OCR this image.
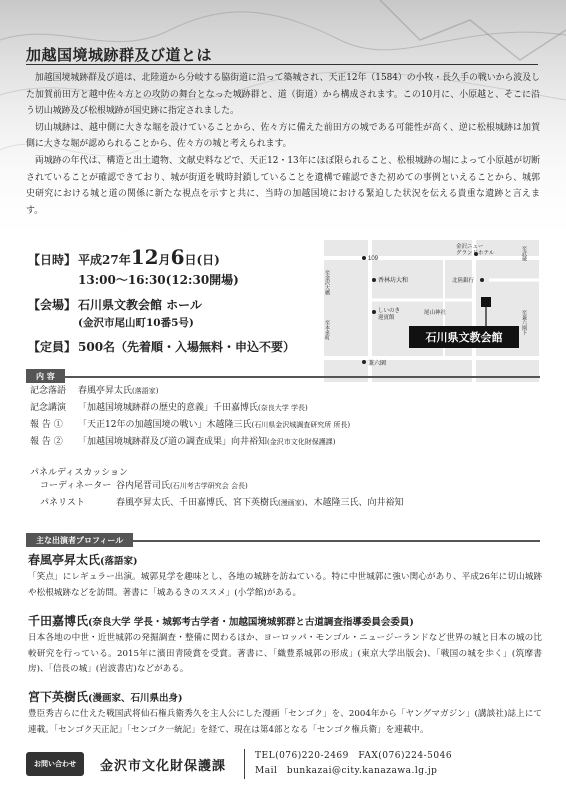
加越国境城跡群及び道とは

加越国境城跡群及び道は、北陸道から分岐する脇街道に沿って築城され、天正12年（1584）の小牧・長久手の戦いから波及した加賀前田方と越中佐々方との攻防の舞台となった城跡群と、道（街道）から構成されます。この10月に、小原越と、そこに沿う切山城跡及び松根城跡が国史跡に指定されました。

切山城跡は、越中側に大きな堀を設けていることから、佐々方に備えた前田方の城である可能性が高く、逆に松根城跡は加賀側に大きな堀が認められることから、佐々方の城と考えられます。

両城跡の年代は、構造と出土遺物、文献史料などで、天正12・13年にほぼ限られること、松根城跡の堀によって小原越が切断されていることが確認できており、城が街道を戦時封鎖していることを遺構で確認できた初めての事例といえることから、城郭史研究における城と道の関係に新たな視点を示すと共に、当時の加越国境における緊迫した状況を伝える貴重な遺跡と言えます。

【日時】 平成27年 12 月 6 日(日)
13:00～16:30(12:30開場)
【会場】 石川県文教会館 ホール
(金沢市尾山町10番5号)
【定員】 500名（先着順・入場無料・申込不要）
109
金沢ニューグランドホテル
香林坊大和	北陸銀行
しいのき迎賓館
尾山神社
至金沢大橋
至本多町
至武蔵
至兼六園下
兼六園
石川県文教会館
内 容
記念落語	春風亭昇太氏 (落語家)
記念講演	「加越国境城跡群の歴史的意義」千田嘉博氏 (奈良大学 学長)
報 告 ①	「天正12年の加越国境の戦い」木越隆三氏 (石川県金沢城調査研究所 所長)
報 告 ②	「加越国境城跡群及び道の調査成果」向井裕知 (金沢市文化財保護課)
パネルディスカッション
コーディネーター 谷内尾晋司氏 (石川考古学研究会 会長)
パネリスト	春風亭昇太氏、千田嘉博氏、宮下英樹氏 (漫画家) 、木越隆三氏、向井裕知
主な出演者プロフィール
春風亭昇太氏(落語家)
「笑点」にレギュラー出演。城郭見学を趣味とし、各地の城跡を訪ねている。特に中世城郭に強い関心があり、平成26年に切山城跡や松根城跡などを訪問。著書に「城あるきのススメ」(小学館)がある。
千田嘉博氏(奈良大学 学長・城郭考古学者・加越国境城郭群と古道調査指導委員会委員)
日本各地の中世・近世城郭の発掘調査・整備に関わるほか、ヨーロッパ・モンゴル・ニュージーランドなど世界の城と日本の城の比較研究を行っている。2015年に濱田青陵賞を受賞。著書に、「織豊系城郭の形成」(東京大学出版会)、「戦国の城を歩く」(筑摩書房)、「信長の城」(岩波書店)などがある。
宮下英樹氏(漫画家、石川県出身)
豊臣秀吉らに仕えた戦国武将仙石権兵衛秀久を主人公にした漫画「センゴク」を、2004年から「ヤングマガジン」(講談社)誌上にて連載。「センゴク天正記」「センゴク一統記」を経て、現在は第4部となる「センゴク権兵衛」を連載中。
お問い合わせ	金沢市文化財保護課
TEL(076)220-2469　FAX(076)224-5046
Mail　bunkazai@city.kanazawa.lg.jp
